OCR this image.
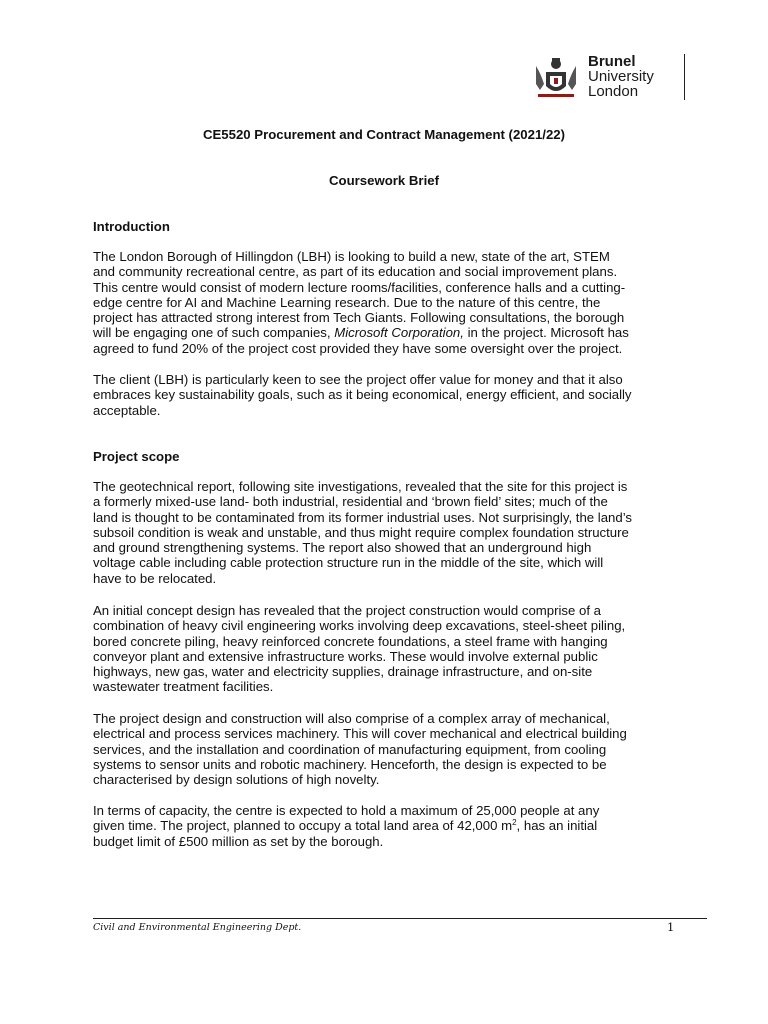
Brunel
University
London
CE5520 Procurement and Contract Management (2021/22)
Coursework Brief
Introduction
The London Borough of Hillingdon (LBH) is looking to build a new, state of the art, STEM
and community recreational centre, as part of its education and social improvement plans.
This centre would consist of modern lecture rooms/facilities, conference halls and a cutting-
edge centre for AI and Machine Learning research. Due to the nature of this centre, the
project has attracted strong interest from Tech Giants. Following consultations, the borough
will be engaging one of such companies, Microsoft Corporation, in the project. Microsoft has
agreed to fund 20% of the project cost provided they have some oversight over the project.
The client (LBH) is particularly keen to see the project offer value for money and that it also
embraces key sustainability goals, such as it being economical, energy efficient, and socially
acceptable.
Project scope
The geotechnical report, following site investigations, revealed that the site for this project is
a formerly mixed-use land- both industrial, residential and ‘brown field’ sites; much of the
land is thought to be contaminated from its former industrial uses. Not surprisingly, the land’s
subsoil condition is weak and unstable, and thus might require complex foundation structure
and ground strengthening systems. The report also showed that an underground high
voltage cable including cable protection structure run in the middle of the site, which will
have to be relocated.
An initial concept design has revealed that the project construction would comprise of a
combination of heavy civil engineering works involving deep excavations, steel-sheet piling,
bored concrete piling, heavy reinforced concrete foundations, a steel frame with hanging
conveyor plant and extensive infrastructure works. These would involve external public
highways, new gas, water and electricity supplies, drainage infrastructure, and on-site
wastewater treatment facilities.
The project design and construction will also comprise of a complex array of mechanical,
electrical and process services machinery. This will cover mechanical and electrical building
services, and the installation and coordination of manufacturing equipment, from cooling
systems to sensor units and robotic machinery. Henceforth, the design is expected to be
characterised by design solutions of high novelty.
In terms of capacity, the centre is expected to hold a maximum of 25,000 people at any
given time. The project, planned to occupy a total land area of 42,000 $m^2$, has an initial
budget limit of £500 million as set by the borough.
Civil and Environmental Engineering Dept.	1
